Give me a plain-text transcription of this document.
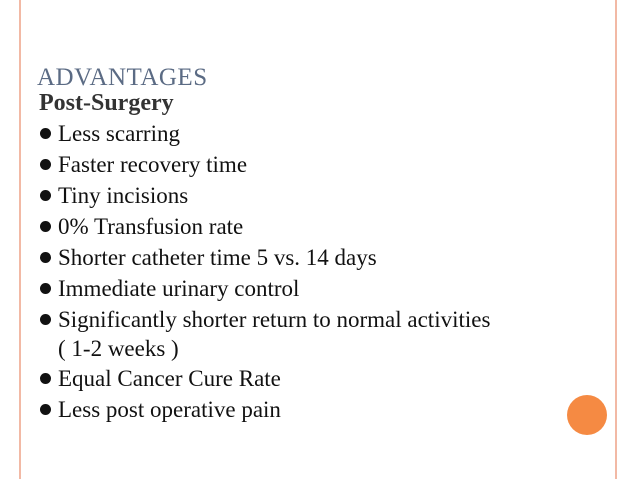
ADVANTAGES
Post-Surgery
Less scarring
Faster recovery time
Tiny incisions
0% Transfusion rate
Shorter catheter time 5 vs. 14 days
Immediate urinary control
Significantly shorter return to normal activities
( 1-2 weeks )
Equal Cancer Cure Rate
Less post operative pain
